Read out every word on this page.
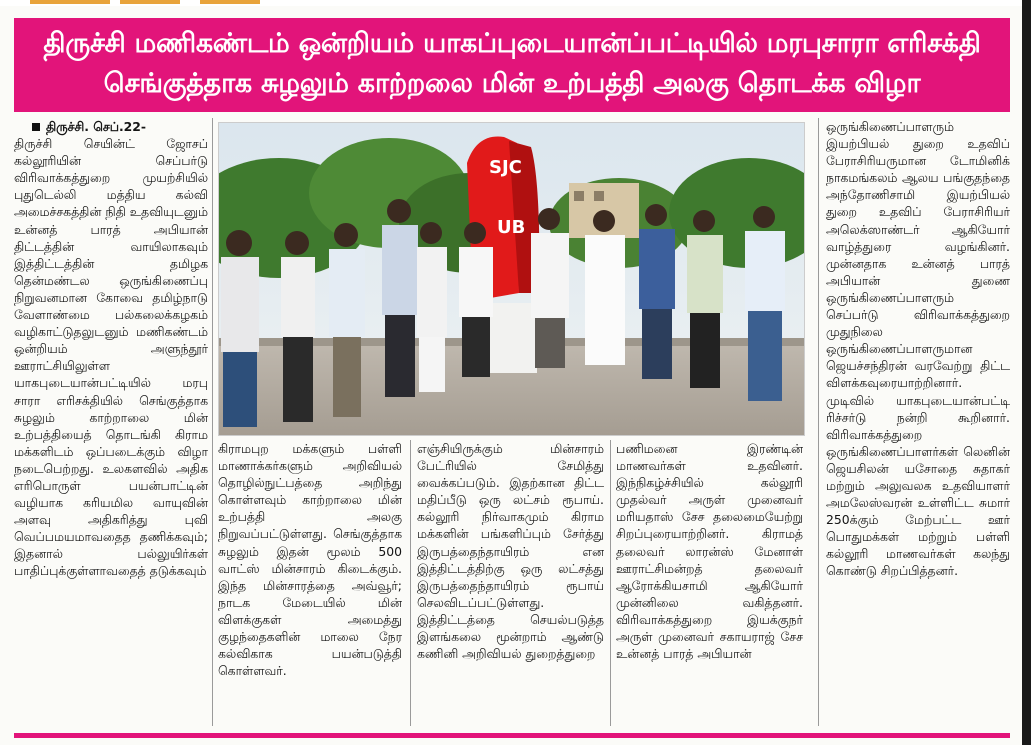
திருச்சி மணிகண்டம் ஒன்றியம் யாகப்புடையான்ப்பட்டியில் மரபுசாரா எரிசக்தி
செங்குத்தாக சுழலும் காற்றலை மின் உற்பத்தி அலகு தொடக்க விழா

திருச்சி. செப்.22-

திருச்சி செயின்ட் ஜோசப் கல்லூரியின் செப்பர்டு விரிவாக்கத்துறை முயற்சியில் புதுடெல்லி மத்திய கல்வி அமைச்சகத்தின் நிதி உதவியுடனும் உன்னத் பாரத் அபியான் திட்டத்தின் வாயிலாகவும் இத்திட்டத்தின் தமிழக தென்மண்டல ஒருங்கிணைப்பு நிறுவனமான கோவை தமிழ்நாடு வேளாண்மை பல்கலைக்கழகம் வழிகாட்டுதலுடனும் மணிகண்டம் ஒன்றியம் அளுந்தூர் ஊராட்சியிலுள்ள யாகபுடையான்பட்டியில் மரபு சாரா எரிசக்தியில் செங்குத்தாக சுழலும் காற்றாலை மின் உற்பத்தியைத் தொடங்கி கிராம மக்களிடம் ஒப்படைக்கும் விழா நடைபெற்றது. உலகளவில் அதிக எரிபொருள் பயன்பாட்டின் வழியாக கரியமில வாயுவின் அளவு அதிகரித்து புவி வெப்பமயமாவதைத தணிக்கவும்; இதனால் பல்லுயிர்கள் பாதிப்புக்குள்ளாவதைத் தடுக்கவும்

SJC
UB

கிராமபுற மக்களும் பள்ளி மாணாக்கர்களும் அறிவியல் தொழில்நுட்பத்தை அறிந்து கொள்ளவும் காற்றாலை மின் உற்பத்தி அலகு நிறுவப்பட்டுள்ளது. செங்குத்தாக சுழலும் இதன் மூலம் 500 வாட்ஸ் மின்சாரம் கிடைக்கும். இந்த மின்சாரத்தை அவ்வூர்; நாடக மேடையில் மின் விளக்குகள் அமைத்து குழந்தைகளின் மாலை நேர கல்விகாக பயன்படுத்தி கொள்ளவர்.

எஞ்சியிருக்கும் மின்சாரம் பேட்ரியில் சேமித்து வைக்கப்படும். இதற்கான திட்ட மதிப்பீடு ஒரு லட்சம் ரூபாய். கல்லூரி நிர்வாகமும் கிராம மக்களின் பங்களிப்பும் சேர்த்து இருபத்தைந்தாயிரம் என இத்திட்டத்திற்கு ஒரு லட்சத்து இருபத்தைந்தாயிரம் ரூபாய் செலவிடப்பட்டுள்ளது. இத்திட்டத்தை செயல்படுத்த இளங்கலை மூன்றாம் ஆண்டு கணினி அறிவியல் துறைத்துறை

பணிமனை இரண்டின் மாணவர்கள் உதவினர். இந்நிகழ்ச்சியில் கல்லூரி முதல்வர் அருள் முனைவர் மரியதாஸ் சேச தலைமையேற்று சிறப்புரையாற்றினர். கிராமத் தலைவர் லாரன்ஸ் மேனாள் ஊராட்சிமன்றத் தலைவர் ஆரோக்கியசாமி ஆகியோர் முன்னிலை வகித்தனர். விரிவாக்கத்துறை இயக்குநர் அருள் முனைவர் சகாயராஜ் சேச உன்னத் பாரத் அபியான்

ஒருங்கிணைப்பாளரும் இயற்பியல் துறை உதவிப் பேராசிரியருமான டோமினிக் நாகமங்கலம் ஆலய பங்குதந்தை அந்தோணிசாமி இயற்பியல் துறை உதவிப் பேராசிரியர் அலெக்ஸாண்டர் ஆகியோர் வாழ்த்துரை வழங்கினர். முன்னதாக உன்னத் பாரத் அபியான் துணை ஒருங்கிணைப்பாளரும் செப்பர்டு விரிவாக்கத்துறை முதுநிலை ஒருங்கிணைப்பாளருமான ஜெயச்சந்திரன் வரவேற்று திட்ட விளக்கவுரையாற்றினார். முடிவில் யாகபுடையான்பட்டி ரிச்சர்டு நன்றி கூறினார். விரிவாக்கத்துறை ஒருங்கிணைப்பாளர்கள் லெனின் ஜெயசிலன் யசோதை சுதாகர் மற்றும் அலுவலக உதவியாளர் அமலேஸ்வரன் உள்ளிட்ட சுமார் 250க்கும் மேற்பட்ட ஊர் பொதுமக்கள் மற்றும் பள்ளி கல்லூரி மாணவர்கள் கலந்து கொண்டு சிறப்பித்தனர்.
